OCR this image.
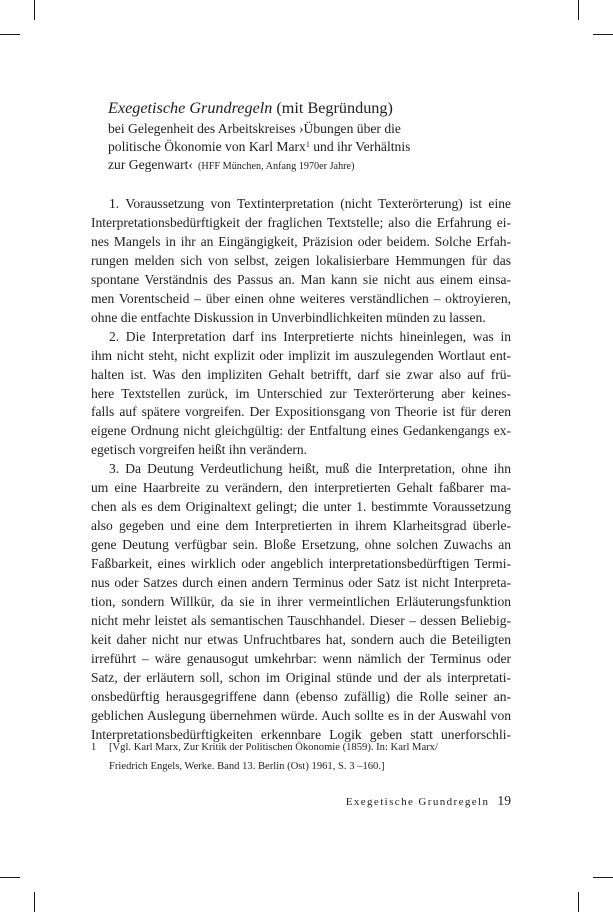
Exegetische Grundregeln (mit Begründung)
bei Gelegenheit des Arbeitskreises ›Übungen über die
politische Ökonomie von Karl Marx$^1$ und ihr Verhältnis
zur Gegenwart‹  (HFF München, Anfang 1970er Jahre)
1. Voraussetzung von Textinterpretation (nicht Texterörterung) ist eine
Interpretationsbedürftigkeit der fraglichen Textstelle; also die Erfahrung ei-
nes Mangels in ihr an Eingängigkeit, Präzision oder beidem. Solche Erfah-
rungen melden sich von selbst, zeigen lokalisierbare Hemmungen für das
spontane Verständnis des Passus an. Man kann sie nicht aus einem einsa-
men Vorentscheid – über einen ohne weiteres verständlichen – oktroyieren,
ohne die entfachte Diskussion in Unverbindlichkeiten münden zu lassen.
2. Die Interpretation darf ins Interpretierte nichts hineinlegen, was in
ihm nicht steht, nicht explizit oder implizit im auszulegenden Wortlaut ent-
halten ist. Was den impliziten Gehalt betrifft, darf sie zwar also auf frü-
here Textstellen zurück, im Unterschied zur Texterörterung aber keines-
falls auf spätere vorgreifen. Der Expositionsgang von Theorie ist für deren
eigene Ordnung nicht gleichgültig: der Entfaltung eines Gedankengangs ex-
egetisch vorgreifen heißt ihn verändern.
3. Da Deutung Verdeutlichung heißt, muß die Interpretation, ohne ihn
um eine Haarbreite zu verändern, den interpretierten Gehalt faßbarer ma-
chen als es dem Originaltext gelingt; die unter 1. bestimmte Voraussetzung
also gegeben und eine dem Interpretierten in ihrem Klarheitsgrad überle-
gene Deutung verfügbar sein. Bloße Ersetzung, ohne solchen Zuwachs an
Faßbarkeit, eines wirklich oder angeblich interpretationsbedürftigen Termi-
nus oder Satzes durch einen andern Terminus oder Satz ist nicht Interpreta-
tion, sondern Willkür, da sie in ihrer vermeintlichen Erläuterungsfunktion
nicht mehr leistet als semantischen Tauschhandel. Dieser – dessen Beliebig-
keit daher nicht nur etwas Unfruchtbares hat, sondern auch die Beteiligten
irreführt – wäre genausogut umkehrbar: wenn nämlich der Terminus oder
Satz, der erläutern soll, schon im Original stünde und der als interpretati-
onsbedürftig herausgegriffene dann (ebenso zufällig) die Rolle seiner an-
geblichen Auslegung übernehmen würde. Auch sollte es in der Auswahl von
Interpretationsbedürftigkeiten erkennbare Logik geben statt unerforschli-
1 [Vgl. Karl Marx, Zur Kritik der Politischen Ökonomie (1859). In: Karl Marx/
Friedrich Engels, Werke. Band 13. Berlin (Ost) 1961, S. 3 –160.]
Exegetische Grundregeln 19
